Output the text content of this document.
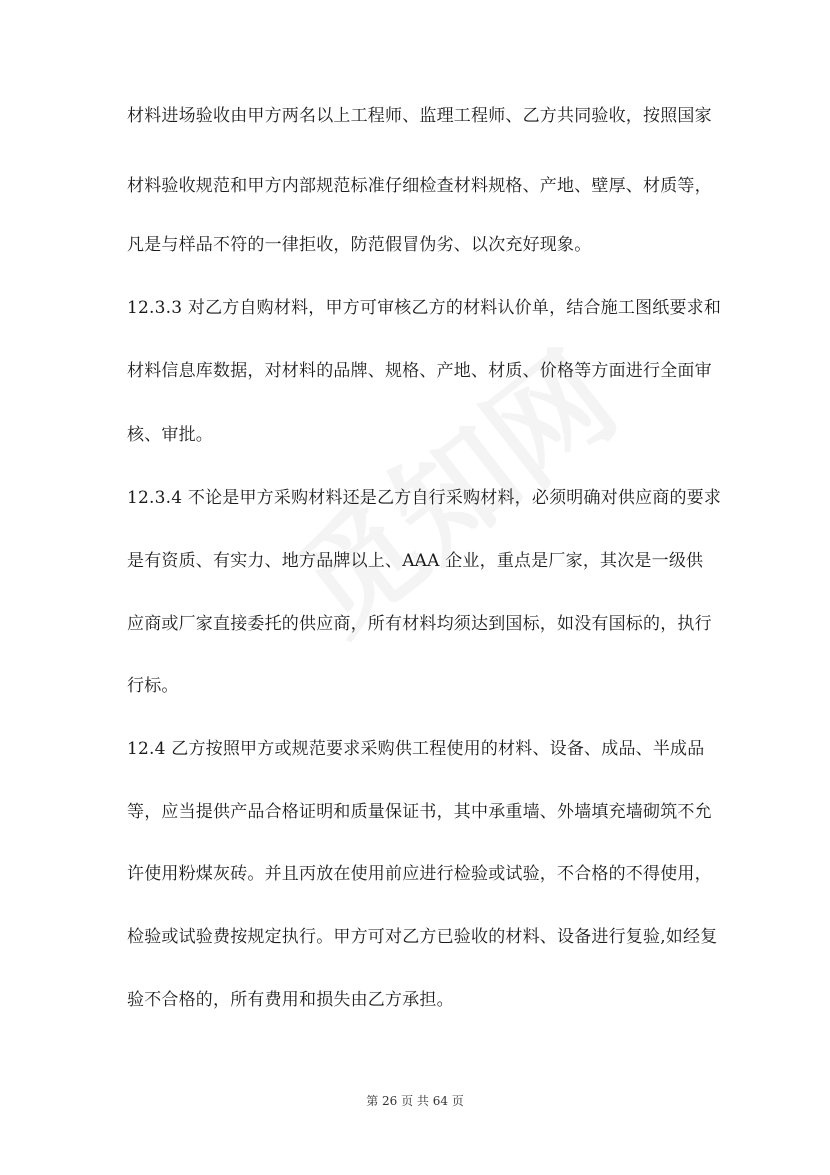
材料进场验收由甲方两名以上工程师、监理工程师、乙方共同验收，按照国家
材料验收规范和甲方内部规范标准仔细检查材料规格、产地、壁厚、材质等，
凡是与样品不符的一律拒收，防范假冒伪劣、以次充好现象。
12.3.3 对乙方自购材料，甲方可审核乙方的材料认价单，结合施工图纸要求和
材料信息库数据，对材料的品牌、规格、产地、材质、价格等方面进行全面审
核、审批。
12.3.4 不论是甲方采购材料还是乙方自行采购材料，必须明确对供应商的要求
是有资质、有实力、地方品牌以上、AAA 企业，重点是厂家，其次是一级供
应商或厂家直接委托的供应商，所有材料均须达到国标，如没有国标的，执行
行标。
12.4 乙方按照甲方或规范要求采购供工程使用的材料、设备、成品、半成品
等，应当提供产品合格证明和质量保证书，其中承重墙、外墙填充墙砌筑不允
许使用粉煤灰砖。并且丙放在使用前应进行检验或试验，不合格的不得使用，
检验或试验费按规定执行。甲方可对乙方已验收的材料、设备进行复验,如经复
验不合格的，所有费用和损失由乙方承担。
第 26 页 共 64 页
